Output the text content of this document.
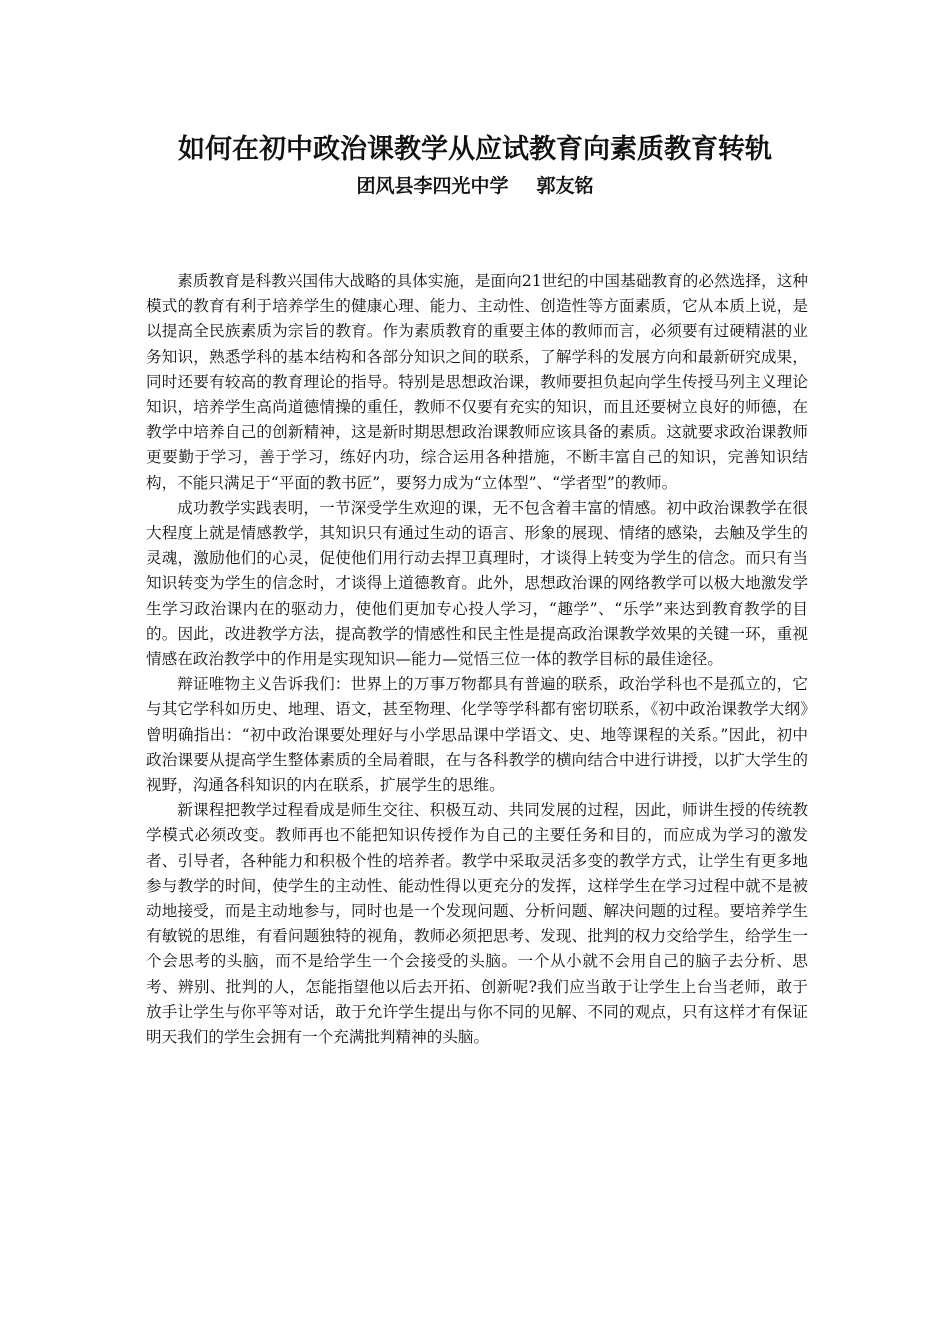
如何在初中政治课教学从应试教育向素质教育转轨
团风县李四光中学 郭友铭

素质教育是科教兴国伟大战略的具体实施，是面向21世纪的中国基础教育的必然选择，这种模式的教育有利于培养学生的健康心理、能力、主动性、创造性等方面素质，它从本质上说，是以提高全民族素质为宗旨的教育。作为素质教育的重要主体的教师而言，必须要有过硬精湛的业务知识，熟悉学科的基本结构和各部分知识之间的联系，了解学科的发展方向和最新研究成果，同时还要有较高的教育理论的指导。特别是思想政治课，教师要担负起向学生传授马列主义理论知识，培养学生高尚道德情操的重任，教师不仅要有充实的知识，而且还要树立良好的师德，在教学中培养自己的创新精神，这是新时期思想政治课教师应该具备的素质。这就要求政治课教师更要勤于学习，善于学习，练好内功，综合运用各种措施，不断丰富自己的知识，完善知识结构，不能只满足于“平面的教书匠”，要努力成为“立体型”、“学者型”的教师。

成功教学实践表明，一节深受学生欢迎的课，无不包含着丰富的情感。初中政治课教学在很大程度上就是情感教学，其知识只有通过生动的语言、形象的展现、情绪的感染，去触及学生的灵魂，激励他们的心灵，促使他们用行动去捍卫真理时，才谈得上转变为学生的信念。而只有当知识转变为学生的信念时，才谈得上道德教育。此外，思想政治课的网络教学可以极大地激发学生学习政治课内在的驱动力，使他们更加专心投人学习，“趣学”、“乐学”来达到教育教学的目的。因此，改进教学方法，提高教学的情感性和民主性是提高政治课教学效果的关键一环，重视情感在政治教学中的作用是实现知识—能力—觉悟三位一体的教学目标的最佳途径。

辩证唯物主义告诉我们：世界上的万事万物都具有普遍的联系，政治学科也不是孤立的，它与其它学科如历史、地理、语文，甚至物理、化学等学科都有密切联系，《初中政治课教学大纲》曾明确指出：“初中政治课要处理好与小学思品课中学语文、史、地等课程的关系。”因此，初中政治课要从提高学生整体素质的全局着眼，在与各科教学的横向结合中进行讲授，以扩大学生的视野，沟通各科知识的内在联系，扩展学生的思维。

新课程把教学过程看成是师生交往、积极互动、共同发展的过程，因此，师讲生授的传统教学模式必须改变。教师再也不能把知识传授作为自己的主要任务和目的，而应成为学习的激发者、引导者，各种能力和积极个性的培养者。教学中采取灵活多变的教学方式，让学生有更多地参与教学的时间，使学生的主动性、能动性得以更充分的发挥，这样学生在学习过程中就不是被动地接受，而是主动地参与，同时也是一个发现问题、分析问题、解决问题的过程。要培养学生有敏锐的思维，有看问题独特的视角，教师必须把思考、发现、批判的权力交给学生，给学生一个会思考的头脑，而不是给学生一个会接受的头脑。一个从小就不会用自己的脑子去分析、思考、辨别、批判的人，怎能指望他以后去开拓、创新呢?我们应当敢于让学生上台当老师，敢于放手让学生与你平等对话，敢于允许学生提出与你不同的见解、不同的观点，只有这样才有保证明天我们的学生会拥有一个充满批判精神的头脑。
